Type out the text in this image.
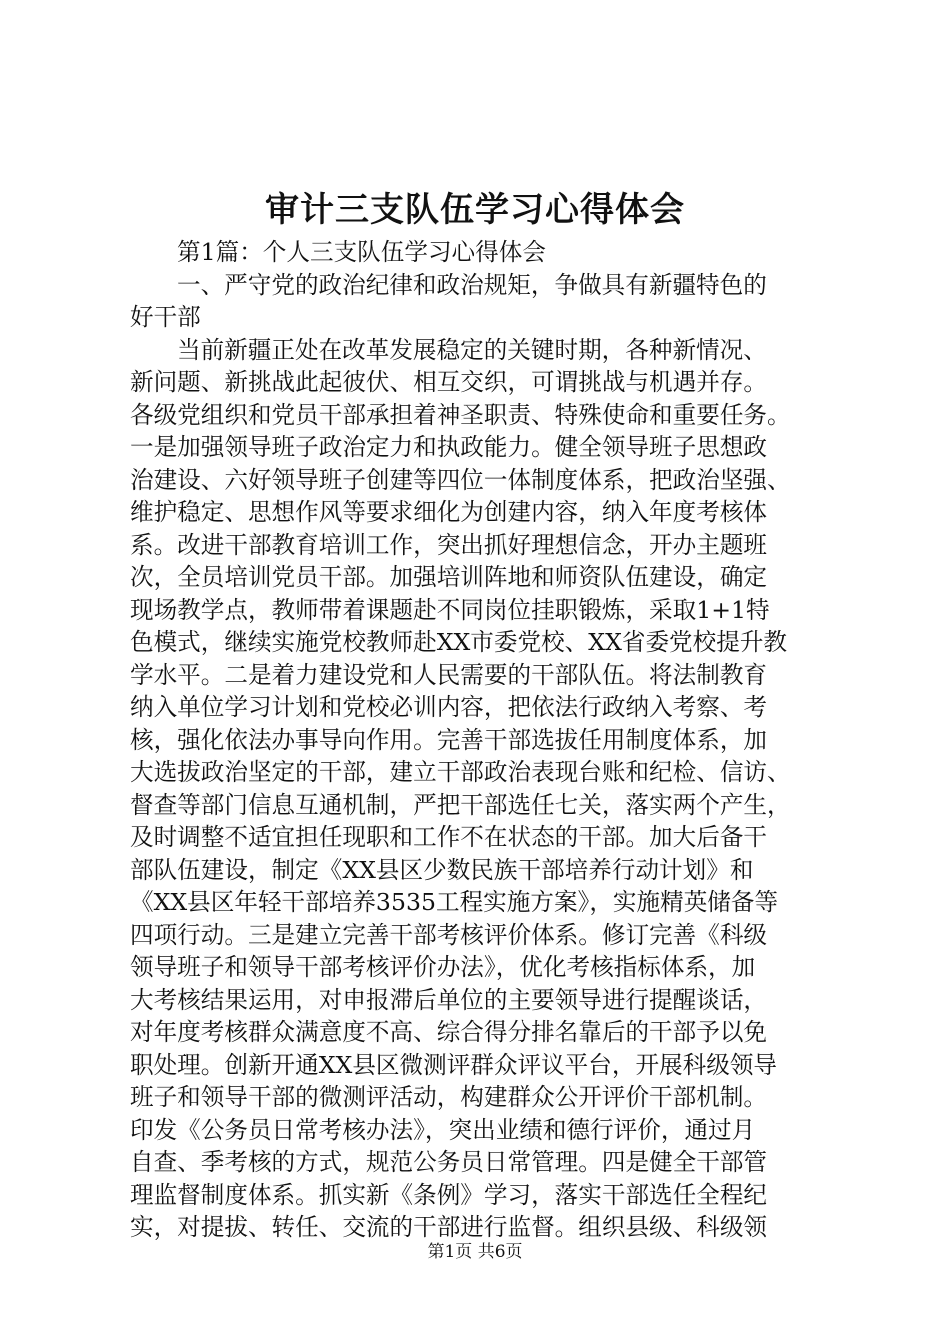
审计三支队伍学习心得体会
第1篇：个人三支队伍学习心得体会
一、严守党的政治纪律和政治规矩，争做具有新疆特色的
好干部
当前新疆正处在改革发展稳定的关键时期，各种新情况、
新问题、新挑战此起彼伏、相互交织，可谓挑战与机遇并存。
各级党组织和党员干部承担着神圣职责、特殊使命和重要任务。
一是加强领导班子政治定力和执政能力。健全领导班子思想政
治建设、六好领导班子创建等四位一体制度体系，把政治坚强、
维护稳定、思想作风等要求细化为创建内容，纳入年度考核体
系。改进干部教育培训工作，突出抓好理想信念，开办主题班
次，全员培训党员干部。加强培训阵地和师资队伍建设，确定
现场教学点，教师带着课题赴不同岗位挂职锻炼，采取1+1特
色模式，继续实施党校教师赴XX市委党校、XX省委党校提升教
学水平。二是着力建设党和人民需要的干部队伍。将法制教育
纳入单位学习计划和党校必训内容，把依法行政纳入考察、考
核，强化依法办事导向作用。完善干部选拔任用制度体系，加
大选拔政治坚定的干部，建立干部政治表现台账和纪检、信访、
督查等部门信息互通机制，严把干部选任七关，落实两个产生，
及时调整不适宜担任现职和工作不在状态的干部。加大后备干
部队伍建设，制定《XX县区少数民族干部培养行动计划》和
《XX县区年轻干部培养3535工程实施方案》，实施精英储备等
四项行动。三是建立完善干部考核评价体系。修订完善《科级
领导班子和领导干部考核评价办法》，优化考核指标体系，加
大考核结果运用，对申报滞后单位的主要领导进行提醒谈话，
对年度考核群众满意度不高、综合得分排名靠后的干部予以免
职处理。创新开通XX县区微测评群众评议平台，开展科级领导
班子和领导干部的微测评活动，构建群众公开评价干部机制。
印发《公务员日常考核办法》，突出业绩和德行评价，通过月
自查、季考核的方式，规范公务员日常管理。四是健全干部管
理监督制度体系。抓实新《条例》学习，落实干部选任全程纪
实，对提拔、转任、交流的干部进行监督。组织县级、科级领
第1页 共6页
